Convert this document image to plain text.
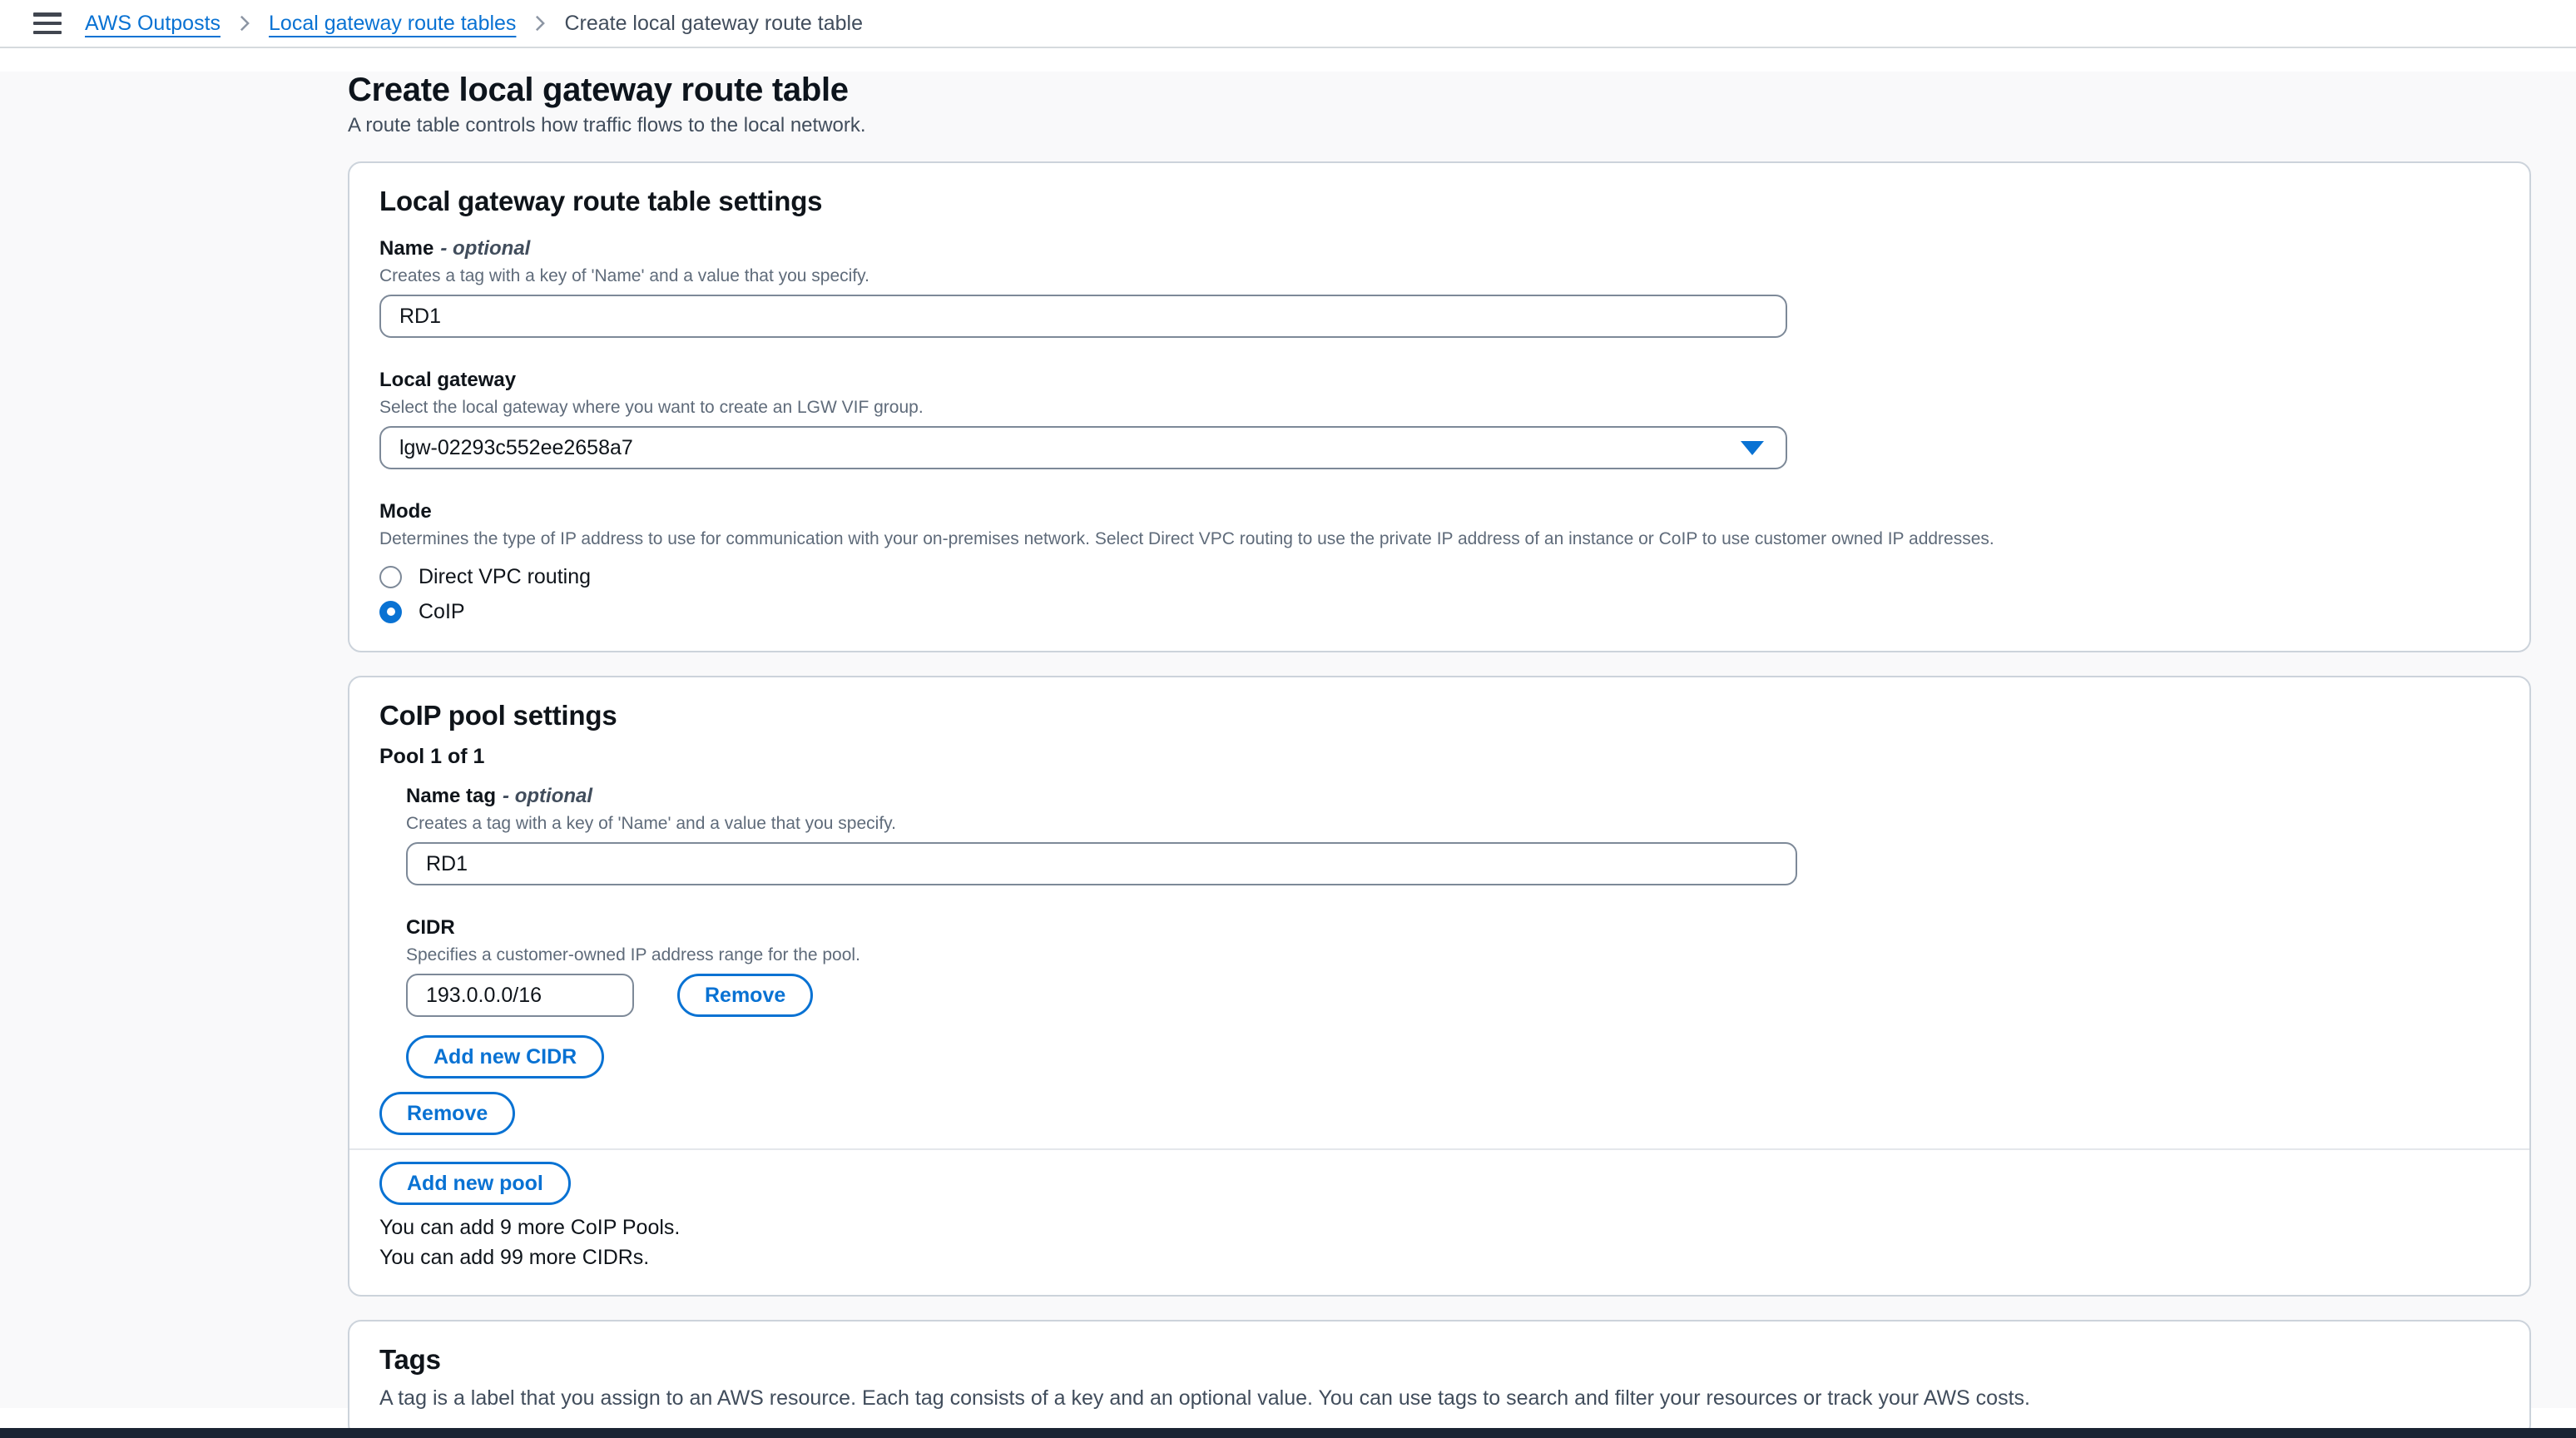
AWS Outposts Local gateway route tables Create local gateway route table
Create local gateway route table

A route table controls how traffic flows to the local network.

Local gateway route table settings
Name - optional
Creates a tag with a key of 'Name' and a value that you specify.
RD1
Local gateway
Select the local gateway where you want to create an LGW VIF group.
lgw-02293c552ee2658a7
Mode
Determines the type of IP address to use for communication with your on-premises network. Select Direct VPC routing to use the private IP address of an instance or CoIP to use customer owned IP addresses.
Direct VPC routing
CoIP
CoIP pool settings
Pool 1 of 1
Name tag - optional
Creates a tag with a key of 'Name' and a value that you specify.
RD1
CIDR
Specifies a customer-owned IP address range for the pool.
193.0.0.0/16
Remove
Add new CIDR
Remove
Add new pool
You can add 9 more CoIP Pools.
You can add 99 more CIDRs.
Tags
A tag is a label that you assign to an AWS resource. Each tag consists of a key and an optional value. You can use tags to search and filter your resources or track your AWS costs.
